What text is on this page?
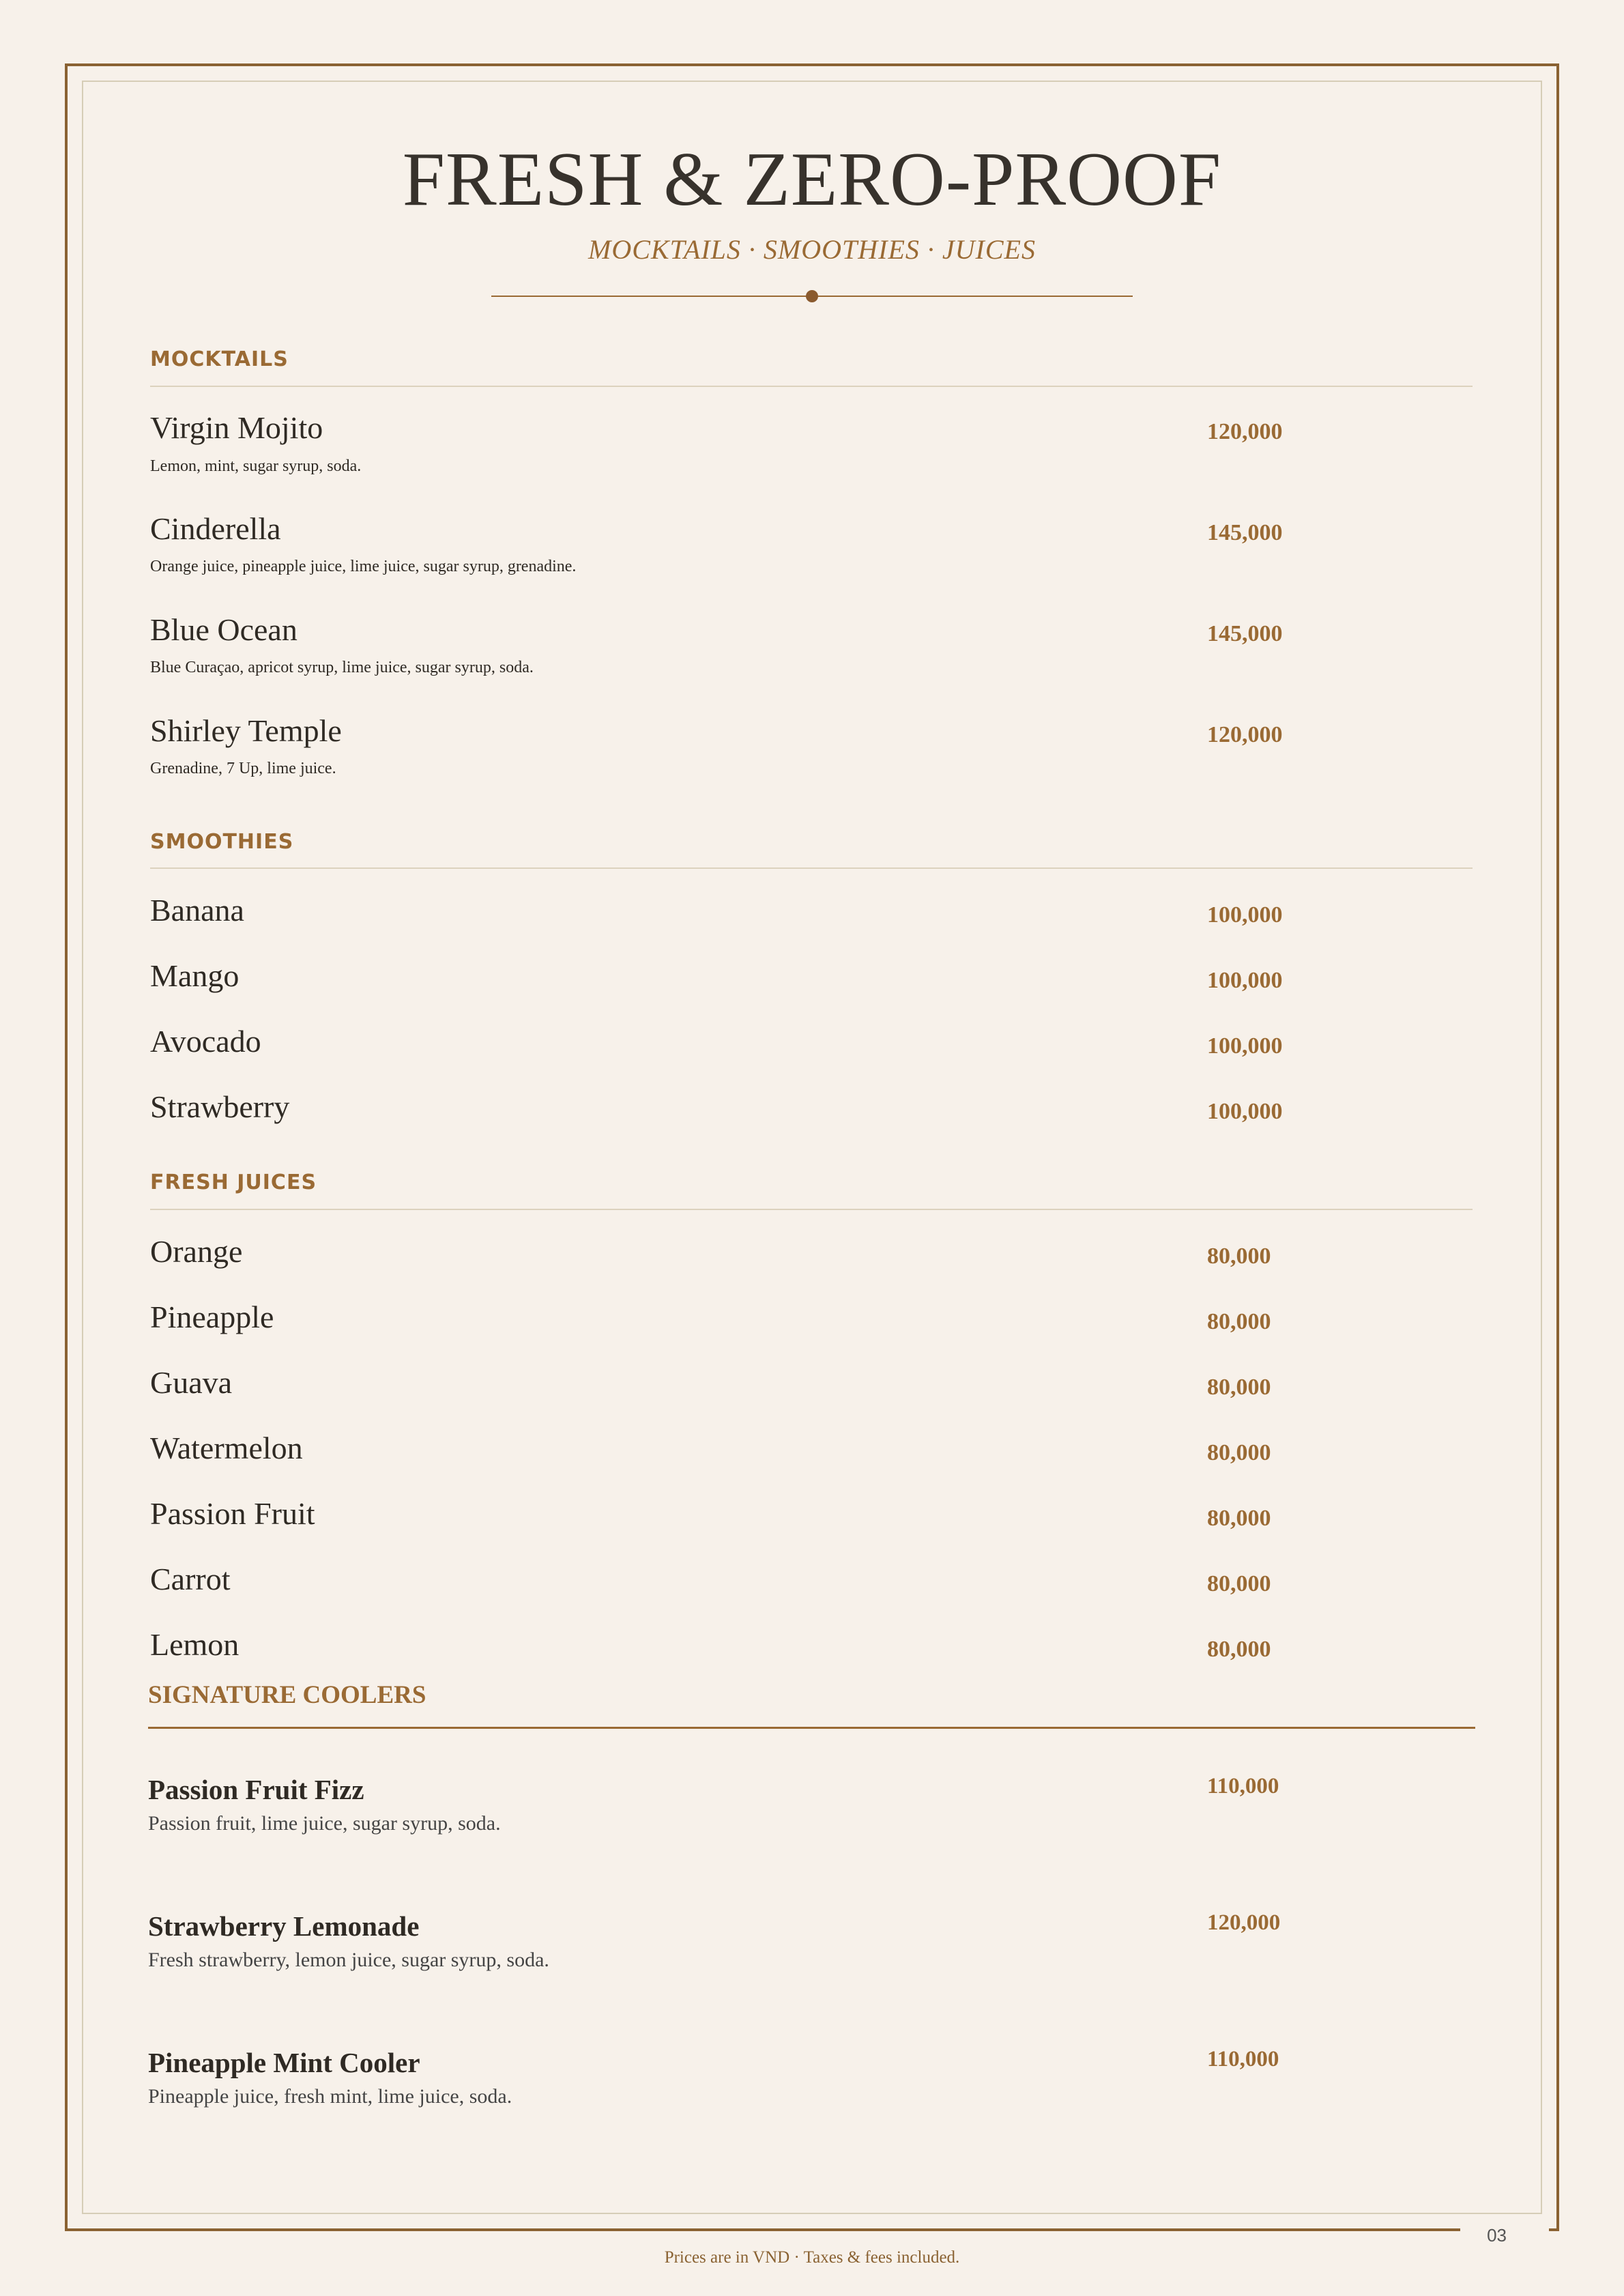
03
Prices are in VND · Taxes & fees included.
FRESH & ZERO-PROOF
MOCKTAILS · SMOOTHIES · JUICES
MOCKTAILS
Virgin Mojito
Lemon, mint, sugar syrup, soda.
120,000
Cinderella
Orange juice, pineapple juice, lime juice, sugar syrup, grenadine.
145,000
Blue Ocean
Blue Curaçao, apricot syrup, lime juice, sugar syrup, soda.
145,000
Shirley Temple
Grenadine, 7 Up, lime juice.
120,000
SMOOTHIES
Banana	100,000
Mango	100,000
Avocado	100,000
Strawberry	100,000
FRESH JUICES
Orange	80,000
Pineapple	80,000
Guava	80,000
Watermelon	80,000
Passion Fruit	80,000
Carrot	80,000
Lemon	80,000
SIGNATURE COOLERS
Passion Fruit Fizz
Passion fruit, lime juice, sugar syrup, soda.
110,000
Strawberry Lemonade
Fresh strawberry, lemon juice, sugar syrup, soda.
120,000
Pineapple Mint Cooler
Pineapple juice, fresh mint, lime juice, soda.
110,000
